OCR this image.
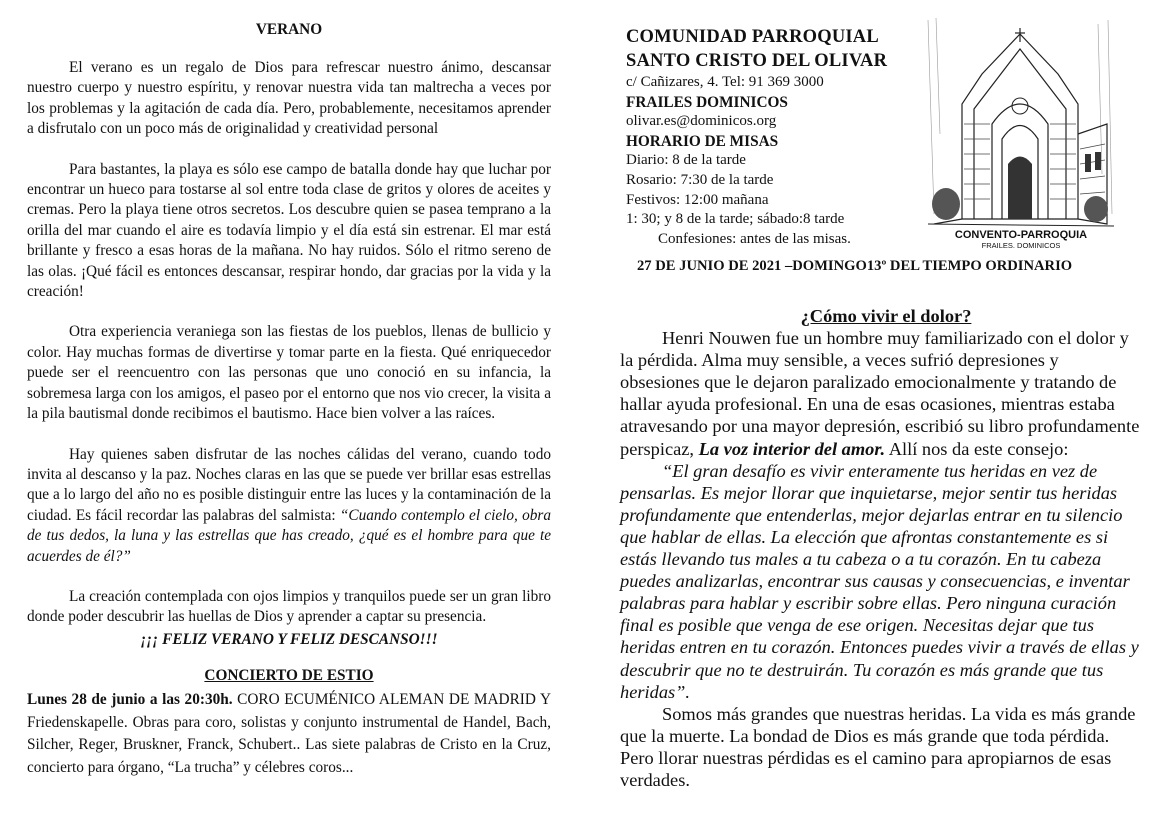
VERANO

El verano es un regalo de Dios para refrescar nuestro ánimo, descansar nuestro cuerpo y nuestro espíritu, y renovar nuestra vida tan maltrecha a veces por los problemas y la agitación de cada día. Pero, probablemente, necesitamos aprender a disfrutalo con un poco más de originalidad y creatividad personal

Para bastantes, la playa es sólo ese campo de batalla donde hay que luchar por encontrar un hueco para tostarse al sol entre toda clase de gritos y olores de aceites y cremas. Pero la playa tiene otros secretos. Los descubre quien se pasea temprano a la orilla del mar cuando el aire es todavía limpio y el día está sin estrenar. El mar está brillante y fresco a esas horas de la mañana. No hay ruidos. Sólo el ritmo sereno de las olas. ¡Qué fácil es entonces descansar, respirar hondo, dar gracias por la vida y la creación!

Otra experiencia veraniega son las fiestas de los pueblos, llenas de bullicio y color. Hay muchas formas de divertirse y tomar parte en la fiesta. Qué enriquecedor puede ser el reencuentro con las personas que uno conoció en su infancia, la sobremesa larga con los amigos, el paseo por el entorno que nos vio crecer, la visita a la pila bautismal donde recibimos el bautismo. Hace bien volver a las raíces.

Hay quienes saben disfrutar de las noches cálidas del verano, cuando todo invita al descanso y la paz. Noches claras en las que se puede ver brillar esas estrellas que a lo largo del año no es posible distinguir entre las luces y la contaminación de la ciudad. Es fácil recordar las palabras del salmista: “Cuando contemplo el cielo, obra de tus dedos, la luna y las estrellas que has creado, ¿qué es el hombre para que te acuerdes de él?”

La creación contemplada con ojos limpios y tranquilos puede ser un gran libro donde poder descubrir las huellas de Dios y aprender a captar su presencia.

¡¡¡ FELIZ VERANO Y FELIZ DESCANSO!!!

CONCIERTO DE ESTIO

Lunes 28 de junio a las 20:30h. CORO ECUMÉNICO ALEMAN DE MADRID Y Friedenskapelle. Obras para coro, solistas y conjunto instrumental de Handel, Bach, Silcher, Reger, Bruskner, Franck, Schubert.. Las siete palabras de Cristo en la Cruz, concierto para órgano, “La trucha” y célebres coros...

COMUNIDAD PARROQUIAL

SANTO CRISTO DEL OLIVAR

c/ Cañizares, 4. Tel: 91 369 3000

FRAILES DOMINICOS

olivar.es@dominicos.org

HORARIO DE MISAS

Diario: 8 de la tarde

Rosario: 7:30 de la tarde

Festivos: 12:00 mañana

1: 30; y 8 de la tarde; sábado:8 tarde

Confesiones: antes de las misas.	CONVENTO-PARROQUIA
FRAILES. DOMINICOS
27 DE JUNIO DE 2021 –DOMINGO13º DEL TIEMPO ORDINARIO

¿Cómo vivir el dolor?

Henri Nouwen fue un hombre muy familiarizado con el dolor y la pérdida. Alma muy sensible, a veces sufrió depresiones y obsesiones que le dejaron paralizado emocionalmente y tratando de hallar ayuda profesional. En una de esas ocasiones, mientras estaba atravesando por una mayor depresión, escribió su libro profundamente perspicaz, La voz interior del amor. Allí nos da este consejo:

“El gran desafío es vivir enteramente tus heridas en vez de pensarlas. Es mejor llorar que inquietarse, mejor sentir tus heridas profundamente que entenderlas, mejor dejarlas entrar en tu silencio que hablar de ellas. La elección que afrontas constantemente es si estás llevando tus males a tu cabeza o a tu corazón. En tu cabeza puedes analizarlas, encontrar sus causas y consecuencias, e inventar palabras para hablar y escribir sobre ellas. Pero ninguna curación final es posible que venga de ese origen. Necesitas dejar que tus heridas entren en tu corazón. Entonces puedes vivir a través de ellas y descubrir que no te destruirán. Tu corazón es más grande que tus heridas”.

Somos más grandes que nuestras heridas. La vida es más grande que la muerte. La bondad de Dios es más grande que toda pérdida. Pero llorar nuestras pérdidas es el camino para apropiarnos de esas verdades.
